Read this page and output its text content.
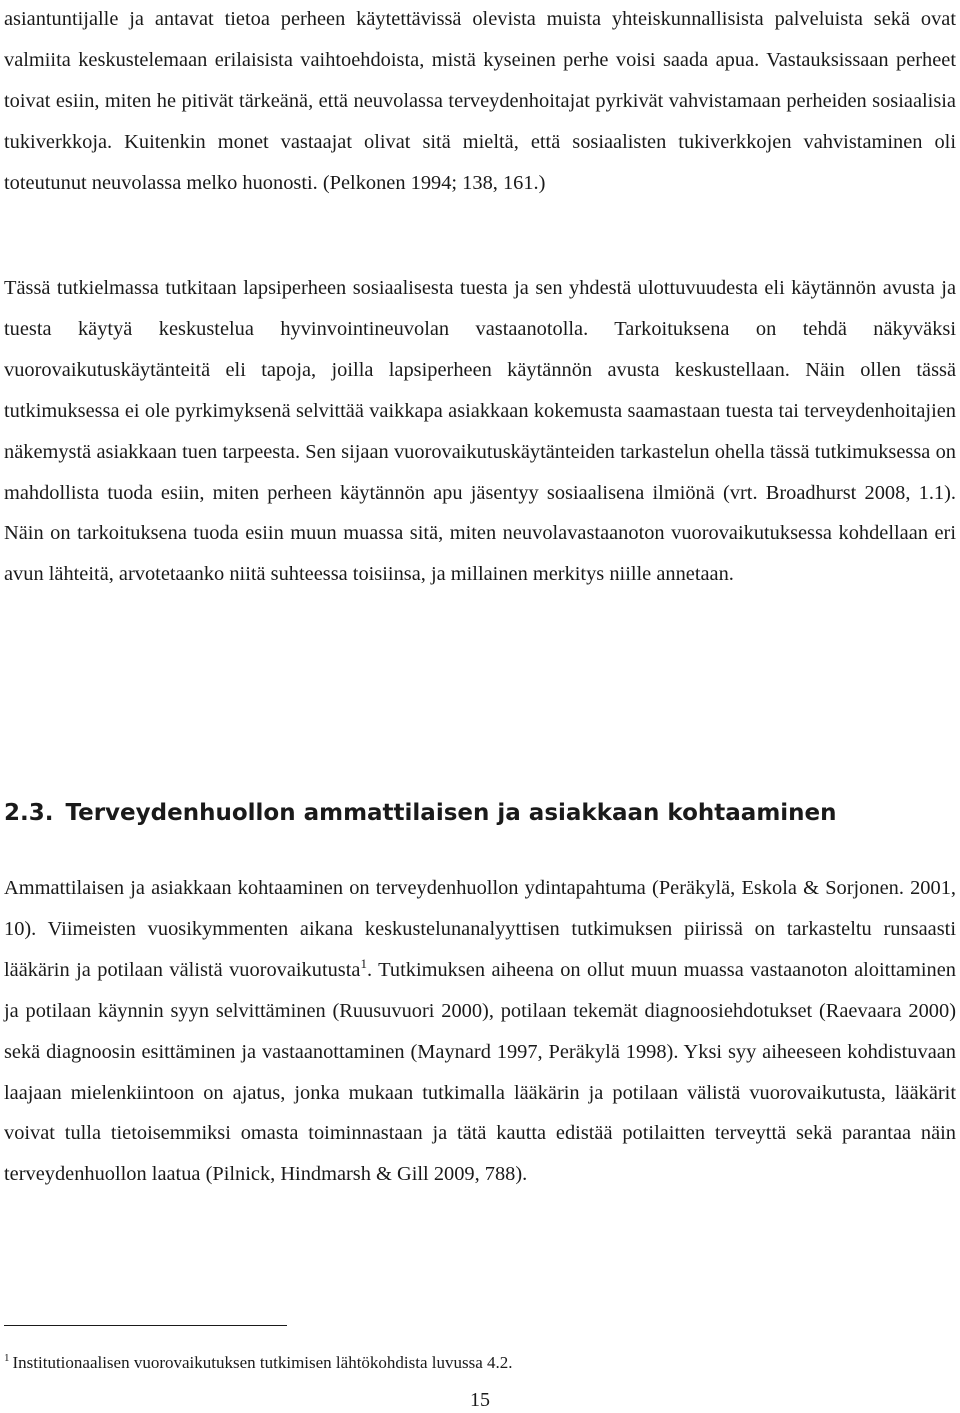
asiantuntijalle ja antavat tietoa perheen käytettävissä olevista muista yhteiskunnallisista palveluista sekä ovat valmiita keskustelemaan erilaisista vaihtoehdoista, mistä kyseinen perhe voisi saada apua. Vastauksissaan perheet toivat esiin, miten he pitivät tärkeänä, että neuvolassa terveydenhoitajat pyrkivät vahvistamaan perheiden sosiaalisia tukiverkkoja. Kuitenkin monet vastaajat olivat sitä mieltä, että sosiaalisten tukiverkkojen vahvistaminen oli toteutunut neuvolassa melko huonosti. (Pelkonen 1994; 138, 161.)

Tässä tutkielmassa tutkitaan lapsiperheen sosiaalisesta tuesta ja sen yhdestä ulottuvuudesta eli käytännön avusta ja tuesta käytyä keskustelua hyvinvointineuvolan vastaanotolla. Tarkoituksena on tehdä näkyväksi vuorovaikutuskäytänteitä eli tapoja, joilla lapsiperheen käytännön avusta keskustellaan. Näin ollen tässä tutkimuksessa ei ole pyrkimyksenä selvittää vaikkapa asiakkaan kokemusta saamastaan tuesta tai terveydenhoitajien näkemystä asiakkaan tuen tarpeesta. Sen sijaan vuorovaikutuskäytänteiden tarkastelun ohella tässä tutkimuksessa on mahdollista tuoda esiin, miten perheen käytännön apu jäsentyy sosiaalisena ilmiönä (vrt. Broadhurst 2008, 1.1). Näin on tarkoituksena tuoda esiin muun muassa sitä, miten neuvolavastaanoton vuorovaikutuksessa kohdellaan eri avun lähteitä, arvotetaanko niitä suhteessa toisiinsa, ja millainen merkitys niille annetaan.

2.3. Terveydenhuollon ammattilaisen ja asiakkaan kohtaaminen

Ammattilaisen ja asiakkaan kohtaaminen on terveydenhuollon ydintapahtuma (Peräkylä, Eskola & Sorjonen. 2001, 10). Viimeisten vuosikymmenten aikana keskustelunanalyyttisen tutkimuksen piirissä on tarkasteltu runsaasti lääkärin ja potilaan välistä vuorovaikutusta$^1$. Tutkimuksen aiheena on ollut muun muassa vastaanoton aloittaminen ja potilaan käynnin syyn selvittäminen (Ruusuvuori 2000), potilaan tekemät diagnoosiehdotukset (Raevaara 2000) sekä diagnoosin esittäminen ja vastaanottaminen (Maynard 1997, Peräkylä 1998). Yksi syy aiheeseen kohdistuvaan laajaan mielenkiintoon on ajatus, jonka mukaan tutkimalla lääkärin ja potilaan välistä vuorovaikutusta, lääkärit voivat tulla tietoisemmiksi omasta toiminnastaan ja tätä kautta edistää potilaitten terveyttä sekä parantaa näin terveydenhuollon laatua (Pilnick, Hindmarsh & Gill 2009, 788).

$^1$ Institutionaalisen vuorovaikutuksen tutkimisen lähtökohdista luvussa 4.2.

15
